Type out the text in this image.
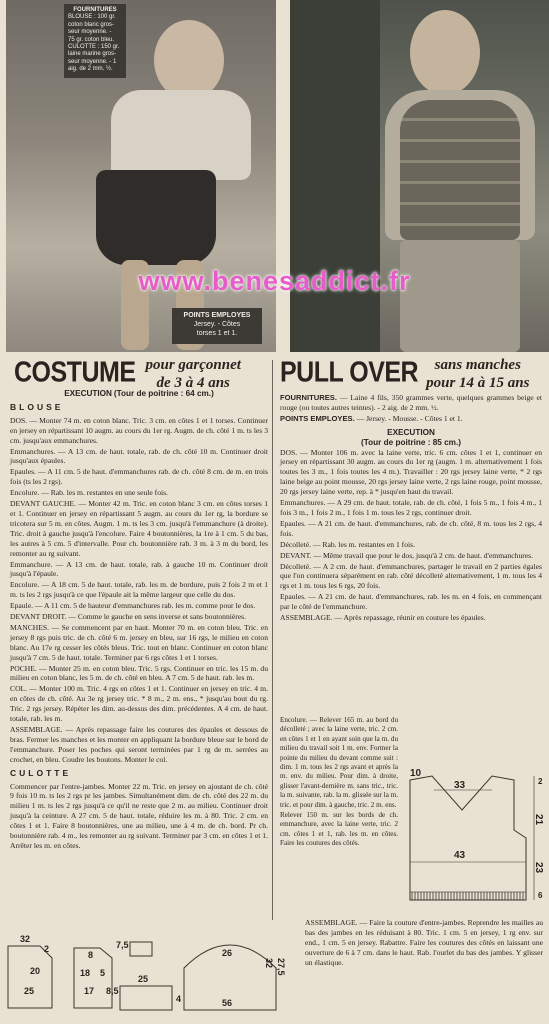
FOURNITURES
BLOUSE : 100 gr.
coton blanc gros-
seur moyenne. -
75 gr. coton bleu.
CULOTTE : 150 gr.
laine marine gros-
seur moyenne. - 1
aig. de 2 mm. ½.
POINTS EMPLOYES
Jersey. - Côtes
torses 1 et 1.
www.benesaddict.fr
COSTUME pour garçonnet
de 3 à 4 ans	PULL OVER sans manches
pour 14 à 15 ans
EXECUTION (Tour de poitrine : 64 cm.)
BLOUSE

DOS. — Monter 74 m. en coton blanc. Tric. 3 cm. en côtes 1 et 1 torses. Continuer en jersey en répartissant 10 augm. au cours du 1er rg. Augm. de ch. côté 1 m. ts les 3 cm. jusqu'aux emmanchures.

Emmanchures. — A 13 cm. de haut. totale, rab. de ch. côté 10 m. Continuer droit jusqu'aux épaules.

Epaules. — A 11 cm. 5 de haut. d'emmanchures rab. de ch. côté 8 cm. de m. en trois fois (ts les 2 rgs).

Encolure. — Rab. les m. restantes en une seule fois.

DEVANT GAUCHE. — Monter 42 m. Tric. en coton blanc 3 cm. en côtes torses 1 et 1. Continuer en jersey en répartissant 5 augm. au cours du 1er rg, la bordure se tricotera sur 5 m. en côtes. Augm. 1 m. ts les 3 cm. jusqu'à l'emmanchure (à droite). Tric. droit à gauche jusqu'à l'encolure. Faire 4 boutonnières, la 1re à 1 cm. 5 du bas, les autres à 5 cm. 5 d'intervalle. Pour ch. boutonnière rab. 3 m. à 3 m du bord, les remonter au rg suivant.

Emmanchure. — A 13 cm. de haut. totale, rab. à gauche 10 m. Continuer droit jusqu'à l'épaule.

Encolure. — A 18 cm. 5 de haut. totale, rab. les m. de bordure, puis 2 fois 2 m et 1 m. ts les 2 rgs jusqu'à ce que l'épaule ait la même largeur que celle du dos.

Epaule. — A 11 cm. 5 de hauteur d'emmanchures rab. les m. comme pour le dos.

DEVANT DROIT. — Comme le gauche en sens inverse et sans boutonnières.

MANCHES. — Se commencent par en haut. Monter 70 m. en coton bleu. Tric. en jersey 8 rgs puis tric. de ch. côté 6 m. jersey en bleu, sur 16 rgs, le milieu en coton blanc. Au 17e rg cesser les côtés bleus. Tric. tout en blanc. Continuer en coton blanc jusqu'à 7 cm. 5 de haut. totale. Terminer par 6 rgs côtes 1 et 1 torses.

POCHE. — Monter 25 m. en coton bleu. Tric. 5 rgs. Continuer en tric. les 15 m. du milieu en coton blanc, les 5 m. de ch. côté en bleu. A 7 cm. 5 de haut. rab. les m.

COL. — Monter 100 m. Tric. 4 rgs en côtes 1 et 1. Continuer en jersey en tric. 4 m. en côtes de ch. côté. Au 3e rg jersey tric. * 8 m., 2 m. ens., * jusqu'au bout du rg. Tric. 2 rgs jersey. Répéter les dim. au-dessus des dim. précédentes. A 4 cm. de haut. totale, rab. les m.

ASSEMBLAGE. — Après repassage faire les coutures des épaules et dessous de bras. Fermer les manches et les monter en appliquant la bordure bleue sur le bord de l'emmanchure. Poser les poches qui seront terminées par 1 rg de m. serrées au crochet, en bleu. Coudre les boutons. Monter le col.

CULOTTE

Commencer par l'entre-jambes. Monter 22 m. Tric. en jersey en ajoutant de ch. côté 9 fois 10 m. ts les 2 rgs pr les jambes. Simultanément dim. de ch. côté des 22 m. du milieu 1 m. ts les 2 rgs jusqu'à ce qu'il ne reste que 2 m. au milieu. Continuer droit jusqu'à la ceinture. A 27 cm. 5 de haut. totale, réduire les m. à 80. Tric. 2 cm. en côtes 1 et 1. Faire 8 boutonnières, une au milieu, une à 4 m. de ch. bord. Pr ch. boutonnière rab. 4 m., les remonter au rg suivant. Terminer par 3 cm. en côtes 1 et 1. Arrêter les m. en côtes.

32
2
20
25
8
7,5
18 5
17 8,5
25
4
27,5
32
56
26

FOURNITURES. — Laine 4 fils, 350 grammes verte, quelques grammes beige et rouge (ou toutes autres teintes). - 2 aig. de 2 mm. ½.

POINTS EMPLOYES. — Jersey. - Mousse. - Côtes 1 et 1.

EXECUTION
(Tour de poitrine : 85 cm.)

DOS. — Monter 106 m. avec la laine verte, tric. 6 cm. côtes 1 et 1, continuer en jersey en répartissant 30 augm. au cours du 1er rg (augm. 1 m. alternativement 1 fois toutes les 3 m., 1 fois toutes les 4 m.). Travailler : 20 rgs jersey laine verte, * 2 rgs laine beige au point mousse, 20 rgs jersey laine verte, 2 rgs laine rouge, point mousse, 20 rgs jersey laine verte, rep. à * jusqu'en haut du travail.

Emmanchures. — A 29 cm. de haut. totale, rab. de ch. côté, 1 fois 5 m., 1 fois 4 m., 1 fois 3 m., 1 fois 2 m., 1 fois 1 m. tous les 2 rgs, continuer droit.

Epaules. — A 21 cm. de haut. d'emmanchures, rab. de ch. côté, 8 m. tous les 2 rgs, 4 fois.

Décolleté. — Rab. les m. restantes en 1 fois.

DEVANT. — Même travail que pour le dos, jusqu'à 2 cm. de haut. d'emmanchures.

Décolleté. — A 2 cm. de haut. d'emmanchures, partager le travail en 2 parties égales que l'on continuera séparément en rab. côté décolleté alternativement, 1 m. tous les 4 rgs et 1 m. tous les 6 rgs, 20 fois.

Epaules. — A 21 cm. de haut. d'emmanchures, rab. les m. en 4 fois, en commençant par le côté de l'emmanchure.

ASSEMBLAGE. — Après repassage, réunir en couture les épaules.

Encolure. — Relever 165 m. au bord du décolleté ; avec la laine verte, tric. 2 cm. en côtes 1 et 1 en ayant soin que la m. du milieu du travail soit 1 m. env. Former la pointe du milieu du devant comme suit : dim. 1 m. tous les 2 rgs avant et après la m. env. du milieu. Pour dim. à droite, glisser l'avant-dernière m. sans tric., tric. la m. suivante, rab. la m. glissée sur la m. tric. et pour dim. à gauche, tric. 2 m. ens.

Relever 150 m. sur les bords de ch. emmanchure, avec la laine verte, tric. 2 cm. côtes 1 et 1, rab. les m. en côtes. Faire les coutures des côtés.

10
33	2
21
43
23
6

ASSEMBLAGE. — Faire la couture d'entre-jambes. Reprendre les mailles au bas des jambes en les réduisant à 80. Tric. 1 cm. 5 en jersey, 1 rg env. sur end., 1 cm. 5 en jersey. Rabattre. Faire les coutures des côtés en laissant une ouverture de 6 à 7 cm. dans le haut. Rab. l'ourlet du bas des jambes. Y glisser un élastique.
